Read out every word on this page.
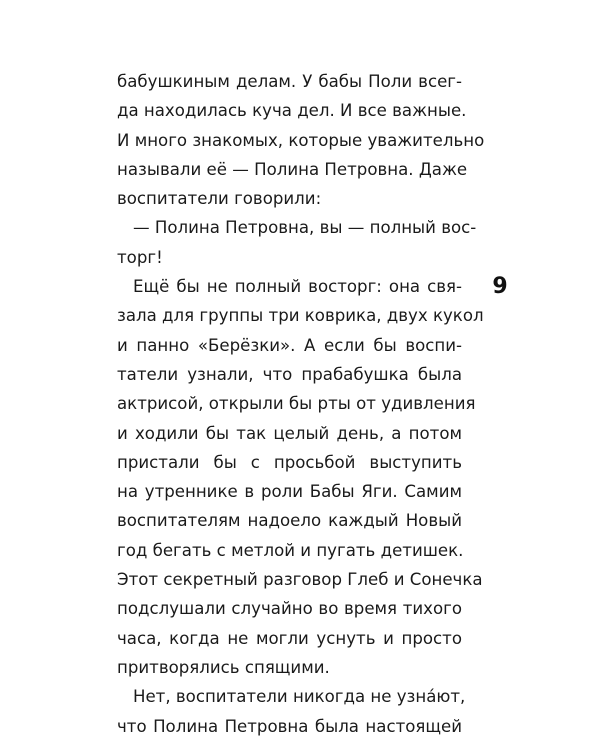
бабушкиным делам. У бабы Поли всег-
да находилась куча дел. И все важные.
И много знакомых, которые уважительно
называли её — Полина Петровна. Даже
воспитатели говорили:
— Полина Петровна, вы — полный вос-
торг!
Ещё бы не полный восторг: она свя-
зала для группы три коврика, двух кукол
и панно «Берёзки». А если бы воспи-
татели узнали, что прабабушка была
актрисой, открыли бы рты от удивления
и ходили бы так целый день, а потом
пристали бы с просьбой выступить
на утреннике в роли Бабы Яги. Самим
воспитателям надоело каждый Новый
год бегать с метлой и пугать детишек.
Этот секретный разговор Глеб и Сонечка
подслушали случайно во время тихого
часа, когда не могли уснуть и просто
притворялись спящими.
Нет, воспитатели никогда не узна́ют,
что Полина Петровна была настоящей
9
